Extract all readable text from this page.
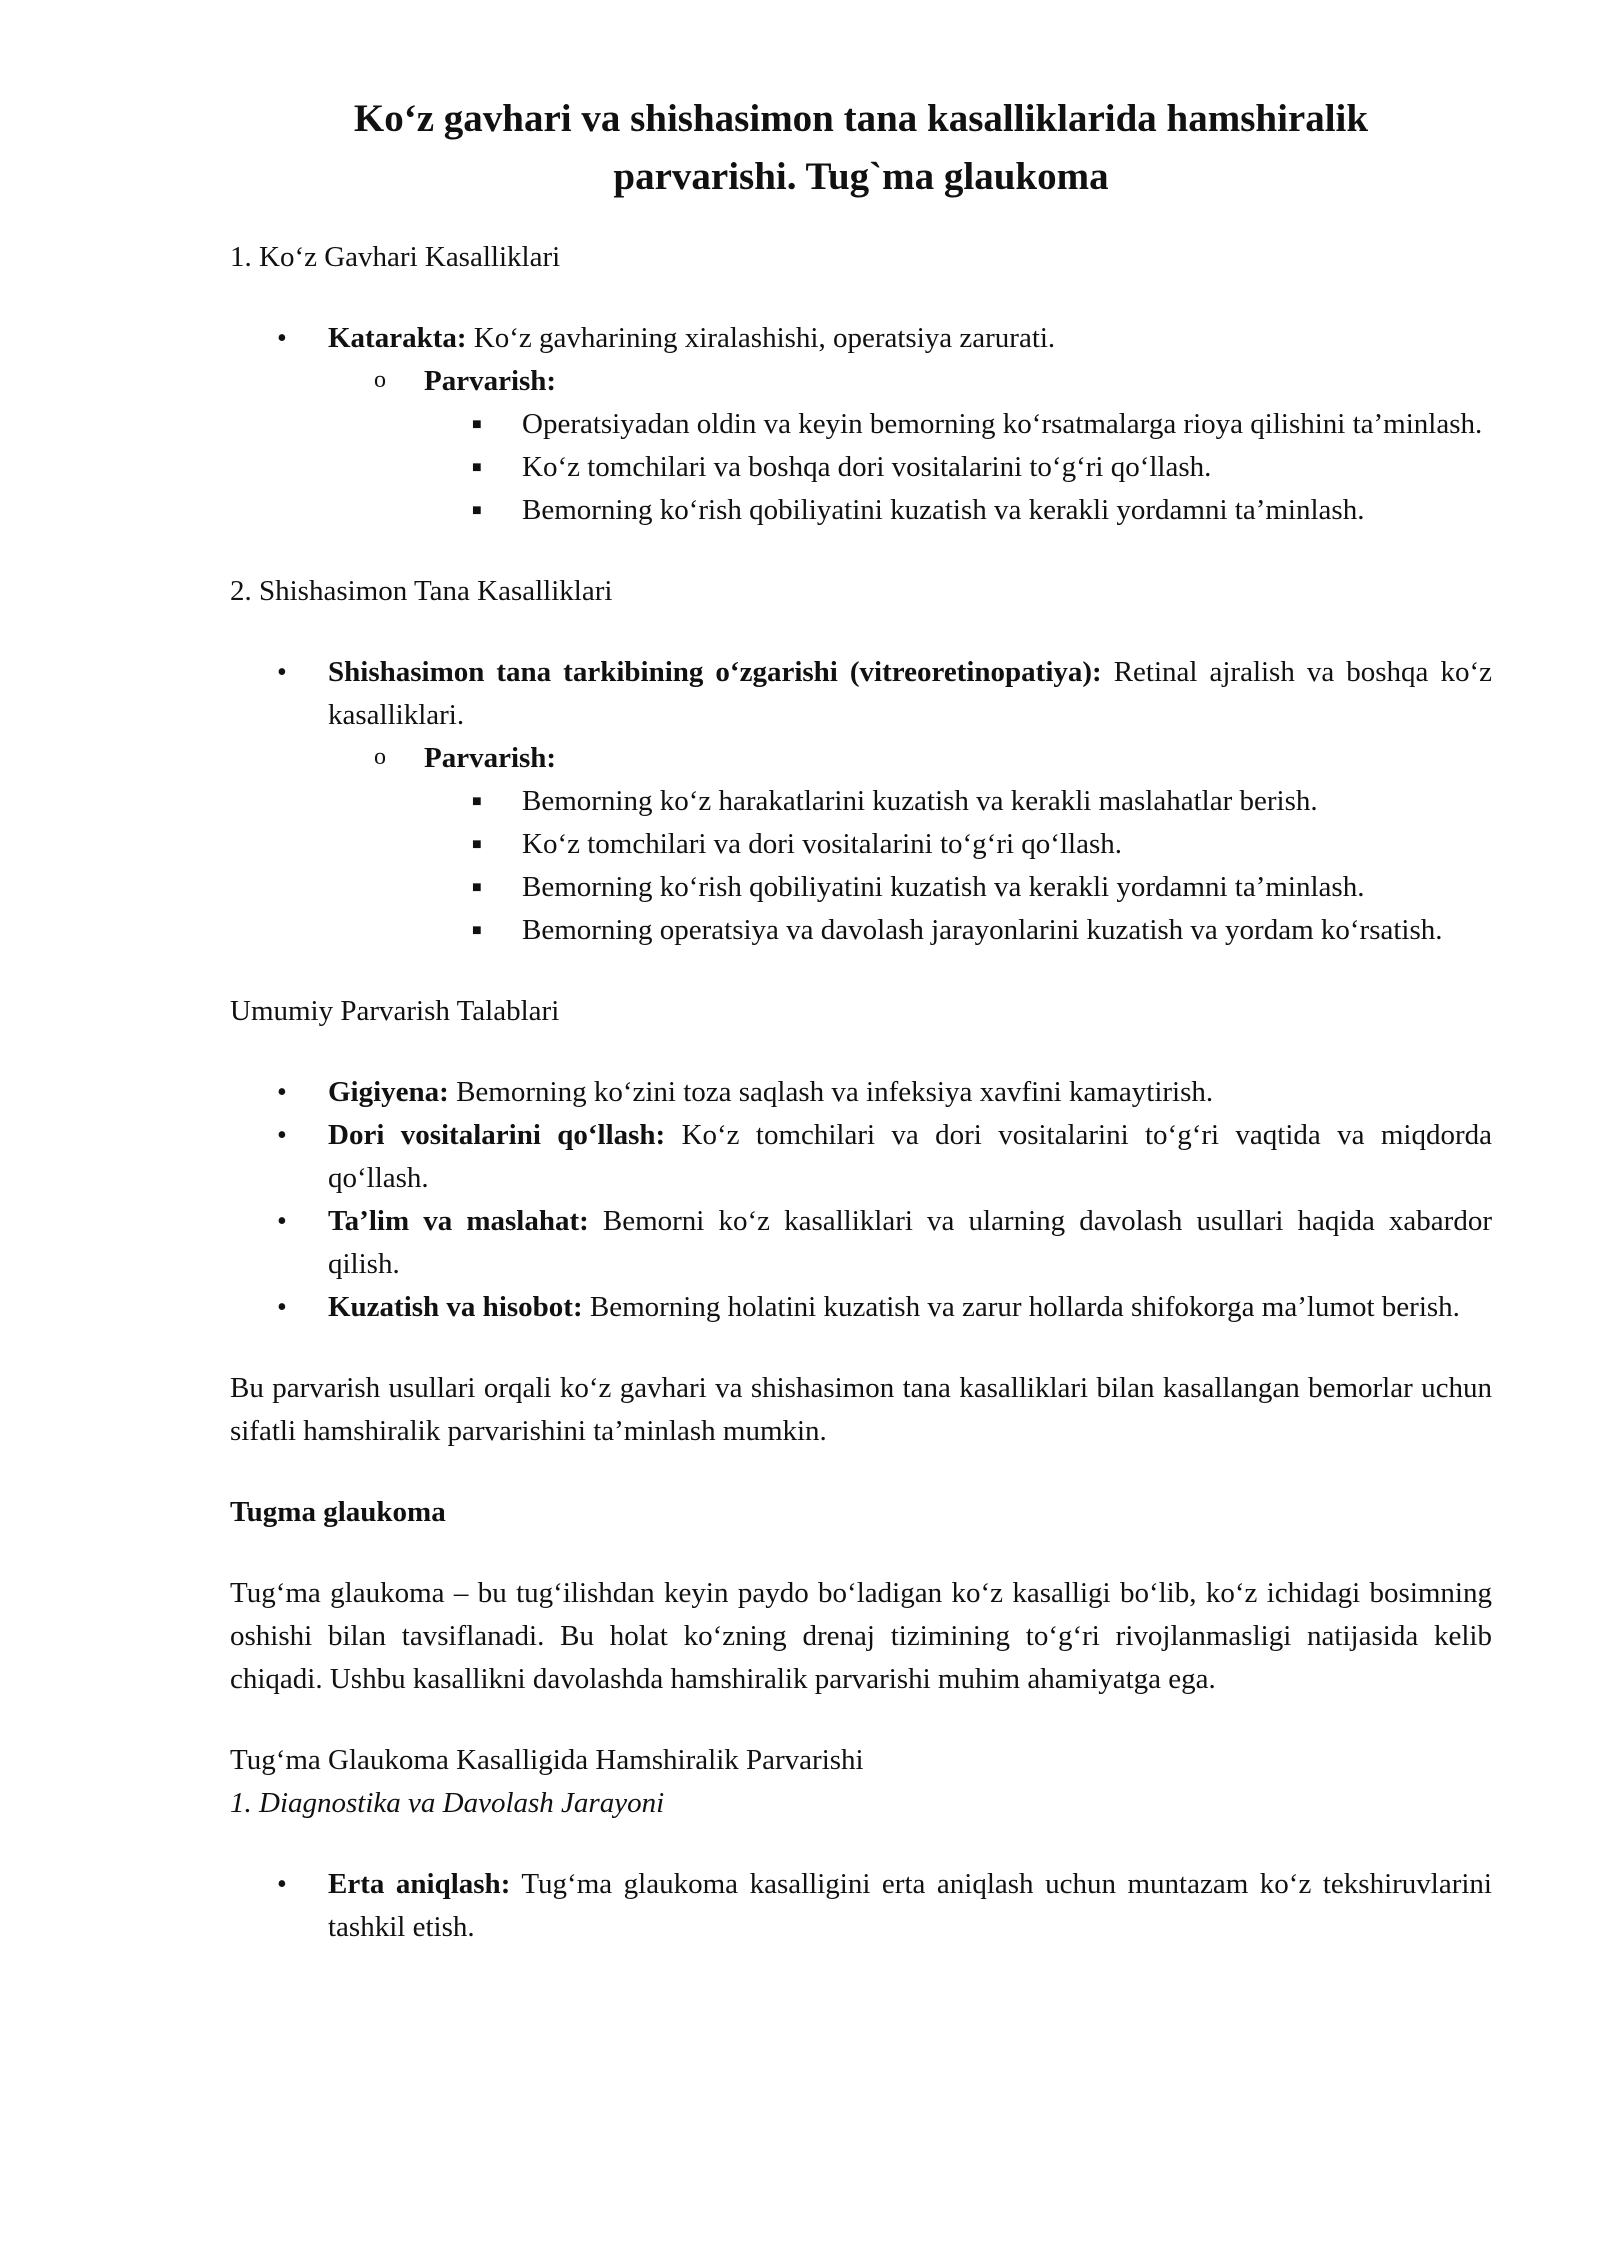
Ko‘z gavhari va shishasimon tana kasalliklarida hamshiralik
parvarishi. Tug`ma glaukoma

1. Ko‘z Gavhari Kasalliklari

• Katarakta: Ko‘z gavharining xiralashishi, operatsiya zarurati.
o Parvarish:
■ Operatsiyadan oldin va keyin bemorning ko‘rsatmalarga rioya qilishini ta’minlash.
■ Ko‘z tomchilari va boshqa dori vositalarini to‘g‘ri qo‘llash.
■ Bemorning ko‘rish qobiliyatini kuzatish va kerakli yordamni ta’minlash.

2. Shishasimon Tana Kasalliklari

• Shishasimon tana tarkibining o‘zgarishi (vitreoretinopatiya): Retinal ajralish va boshqa ko‘z kasalliklari.
o Parvarish:
■ Bemorning ko‘z harakatlarini kuzatish va kerakli maslahatlar berish.
■ Ko‘z tomchilari va dori vositalarini to‘g‘ri qo‘llash.
■ Bemorning ko‘rish qobiliyatini kuzatish va kerakli yordamni ta’minlash.
■ Bemorning operatsiya va davolash jarayonlarini kuzatish va yordam ko‘rsatish.

Umumiy Parvarish Talablari

• Gigiyena: Bemorning ko‘zini toza saqlash va infeksiya xavfini kamaytirish.
• Dori vositalarini qo‘llash: Ko‘z tomchilari va dori vositalarini to‘g‘ri vaqtida va miqdorda qo‘llash.
• Ta’lim va maslahat: Bemorni ko‘z kasalliklari va ularning davolash usullari haqida xabardor qilish.
• Kuzatish va hisobot: Bemorning holatini kuzatish va zarur hollarda shifokorga ma’lumot berish.

Bu parvarish usullari orqali ko‘z gavhari va shishasimon tana kasalliklari bilan kasallangan bemorlar uchun sifatli hamshiralik parvarishini ta’minlash mumkin.

Tugma glaukoma

Tug‘ma glaukoma – bu tug‘ilishdan keyin paydo bo‘ladigan ko‘z kasalligi bo‘lib, ko‘z ichidagi bosimning oshishi bilan tavsiflanadi. Bu holat ko‘zning drenaj tizimining to‘g‘ri rivojlanmasligi natijasida kelib chiqadi. Ushbu kasallikni davolashda hamshiralik parvarishi muhim ahamiyatga ega.

Tug‘ma Glaukoma Kasalligida Hamshiralik Parvarishi

1. Diagnostika va Davolash Jarayoni

• Erta aniqlash: Tug‘ma glaukoma kasalligini erta aniqlash uchun muntazam ko‘z tekshiruvlarini tashkil etish.
